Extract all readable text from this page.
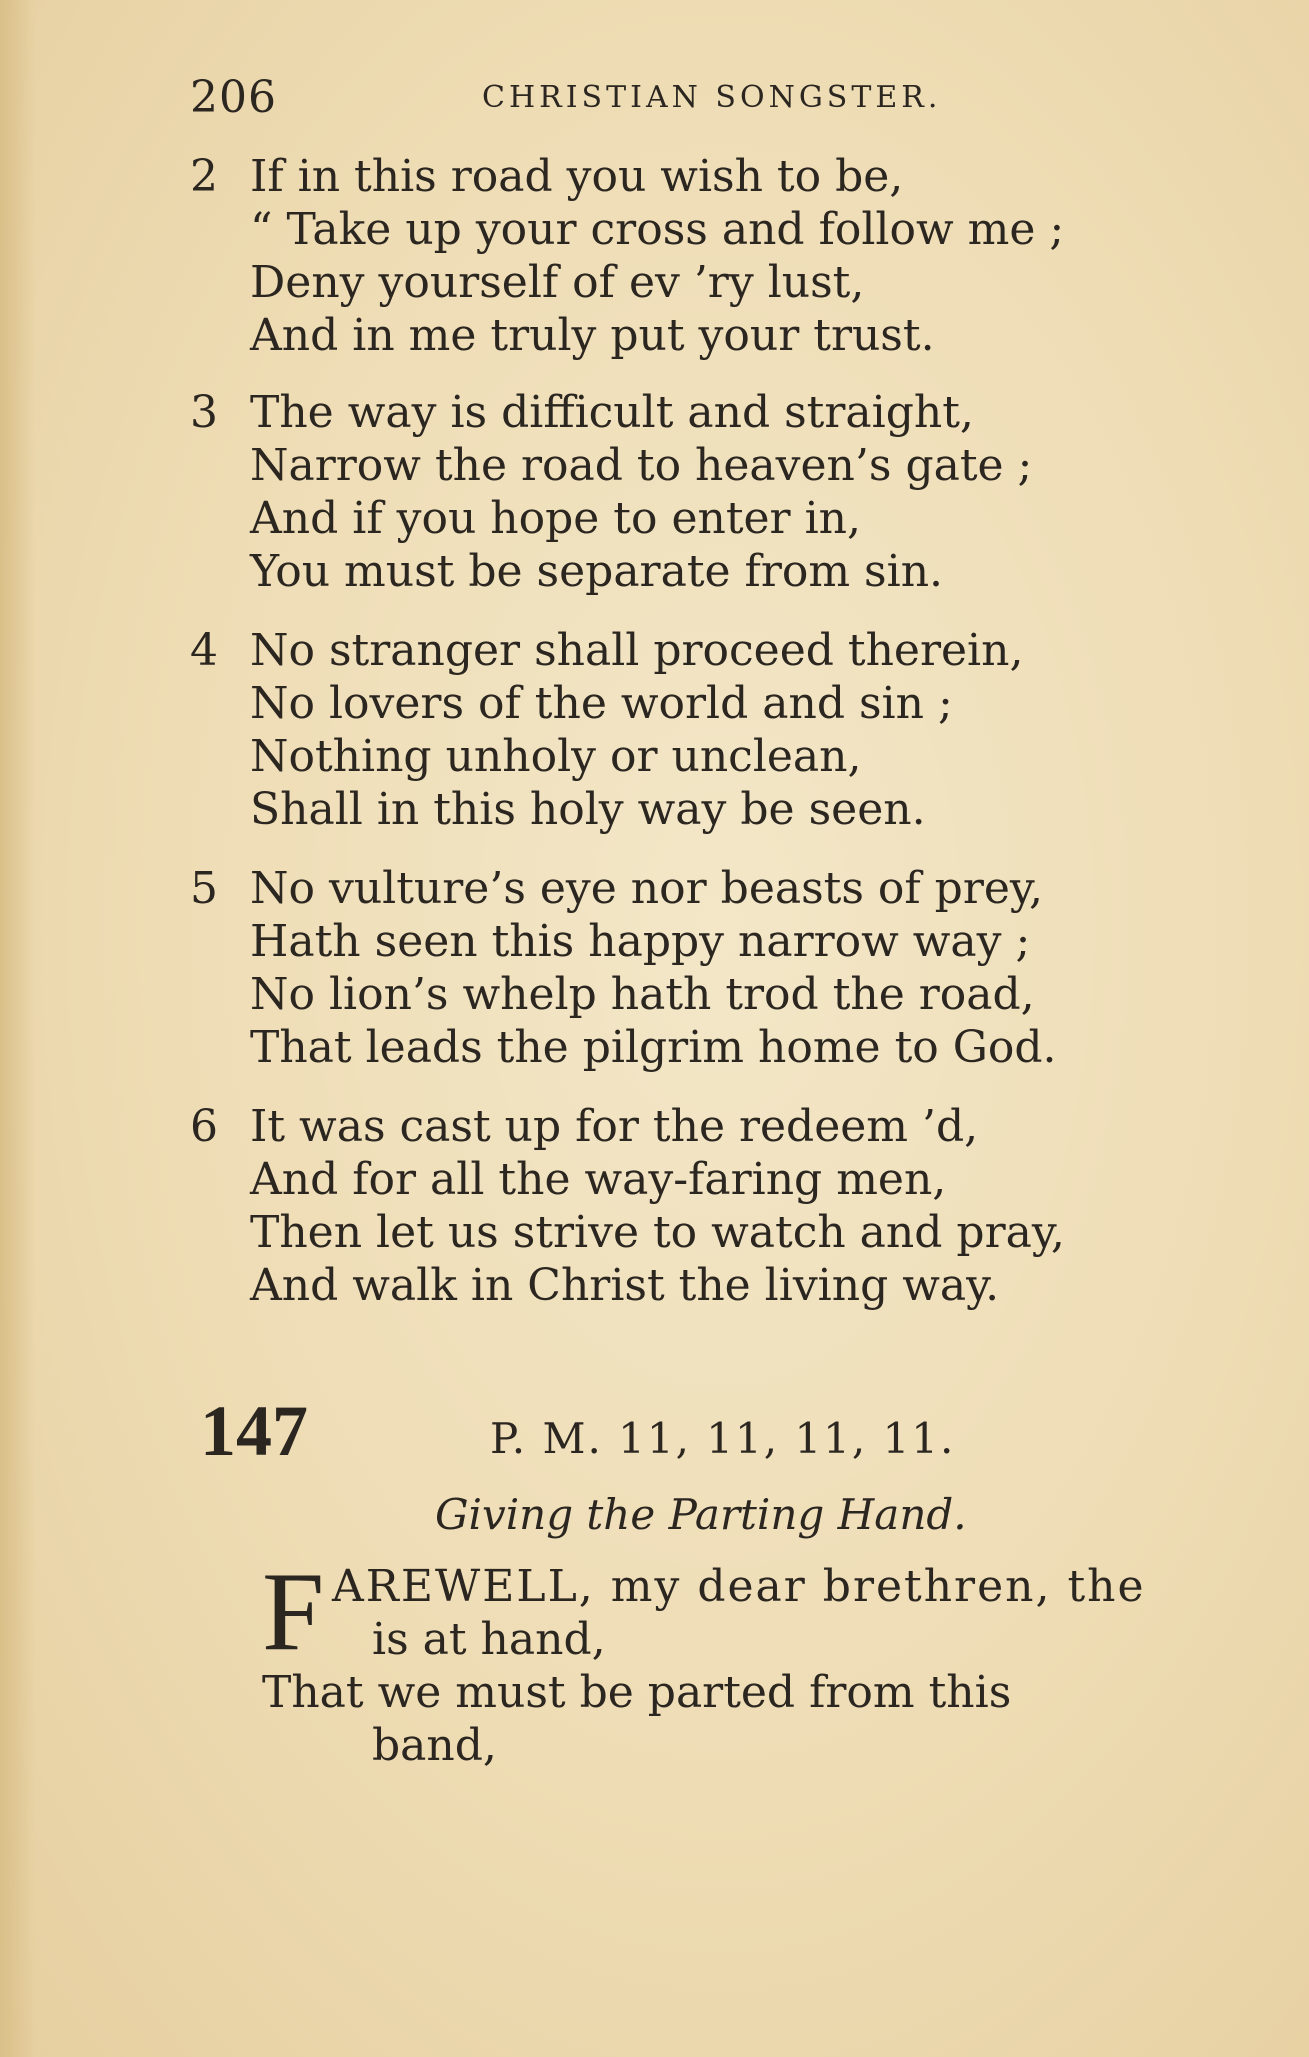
206	CHRISTIAN SONGSTER.
2 If in this road you wish to be,
“ Take up your cross and follow me ;
Deny yourself of ev ’ry lust,
And in me truly put your trust.
3 The way is difficult and straight,
Narrow the road to heaven’s gate ;
And if you hope to enter in,
You must be separate from sin.
4 No stranger shall proceed therein,
No lovers of the world and sin ;
Nothing unholy or unclean,
Shall in this holy way be seen.
5 No vulture’s eye nor beasts of prey,
Hath seen this happy narrow way ;
No lion’s whelp hath trod the road,
That leads the pilgrim home to God.
6 It was cast up for the redeem ’d,
And for all the way-faring men,
Then let us strive to watch and pray,
And walk in Christ the living way.
147	P. M. 11, 11, 11, 11.
Giving the Parting Hand.
F AREWELL, my dear brethren, the
is at hand,
That we must be parted from this
band,
